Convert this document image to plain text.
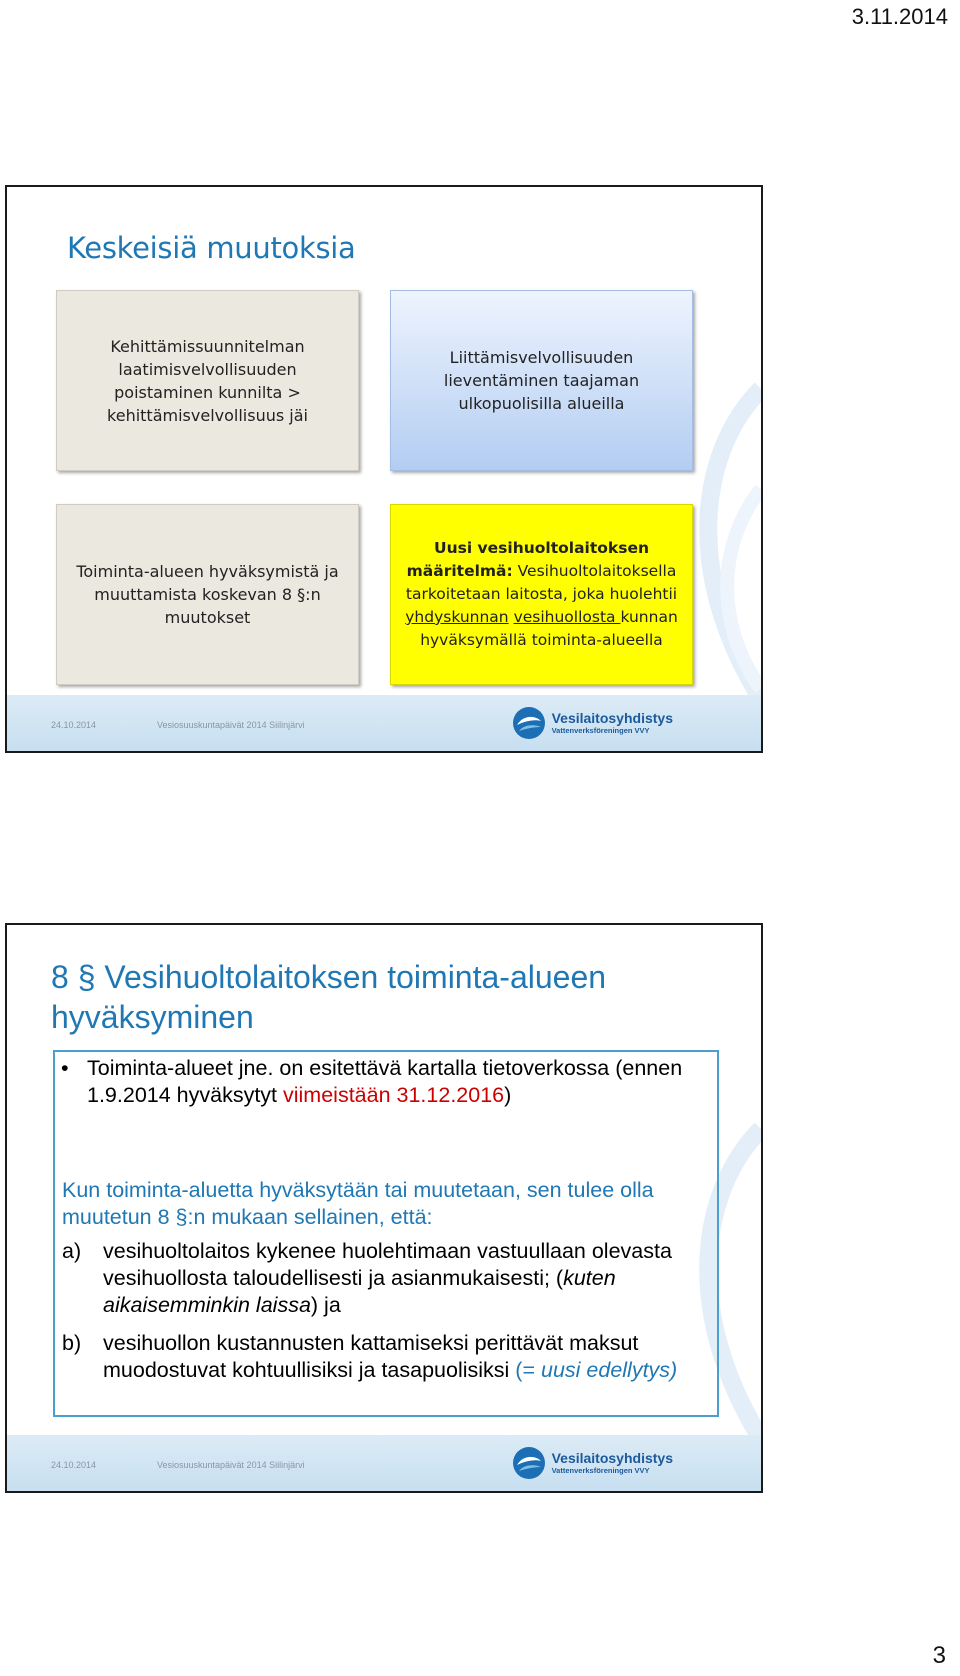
3.11.2014
Keskeisiä muutoksia
Kehittämissuunnitelman laatimisvelvollisuuden poistaminen kunnilta > kehittämisvelvollisuus jäi
Liittämisvelvollisuuden lieventäminen taajaman ulkopuolisilla alueilla
Toiminta-alueen hyväksymistä ja muuttamista koskevan 8 §:n muutokset
Uusi vesihuoltolaitoksen määritelmä: Vesihuoltolaitoksella tarkoitetaan laitosta, joka huolehtii yhdyskunnan vesihuollosta kunnan hyväksymällä toiminta-alueella
24.10.2014	Vesiosuuskuntapäivät 2014 Siilinjärvi	Vesilaitosyhdistys
Vattenverksföreningen VVY
8 § Vesihuoltolaitoksen toiminta-alueen hyväksyminen
• Toiminta-alueet jne. on esitettävä kartalla tietoverkossa (ennen 1.9.2014 hyväksytyt viimeistään 31.12.2016)
Kun toiminta-aluetta hyväksytään tai muutetaan, sen tulee olla muutetun 8 §:n mukaan sellainen, että:
a) vesihuoltolaitos kykenee huolehtimaan vastuullaan olevasta vesihuollosta taloudellisesti ja asianmukaisesti; (kuten aikaisemminkin laissa) ja
b) vesihuollon kustannusten kattamiseksi perittävät maksut muodostuvat kohtuullisiksi ja tasapuolisiksi (= uusi edellytys)
24.10.2014	Vesiosuuskuntapäivät 2014 Siilinjärvi	Vesilaitosyhdistys
Vattenverksföreningen VVY
3
